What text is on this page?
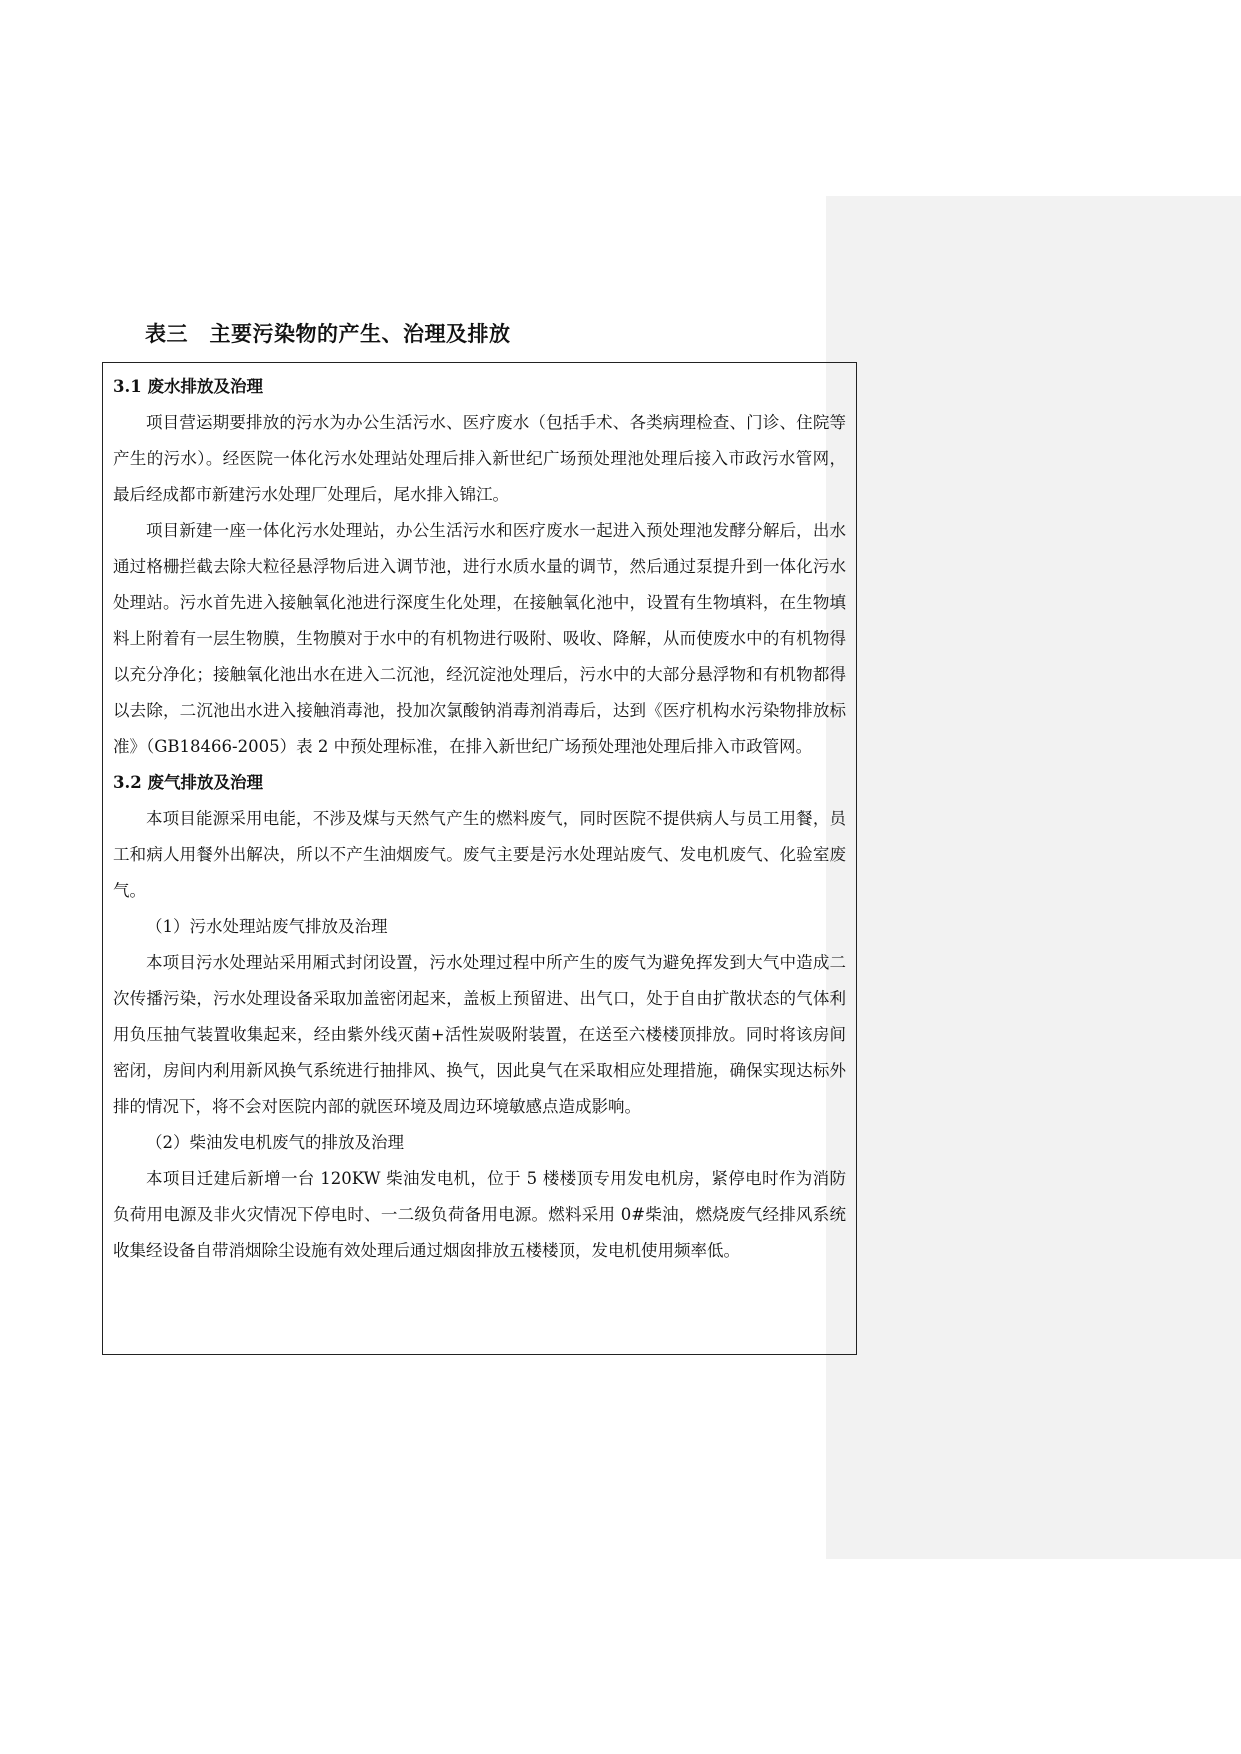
表三　主要污染物的产生、治理及排放
3.1 废水排放及治理

项目营运期要排放的污水为办公生活污水、医疗废水（包括手术、各类病理检查、门诊、住院等产生的污水）。经医院一体化污水处理站处理后排入新世纪广场预处理池处理后接入市政污水管网，最后经成都市新建污水处理厂处理后，尾水排入锦江。

项目新建一座一体化污水处理站，办公生活污水和医疗废水一起进入预处理池发酵分解后，出水通过格栅拦截去除大粒径悬浮物后进入调节池，进行水质水量的调节，然后通过泵提升到一体化污水处理站。污水首先进入接触氧化池进行深度生化处理，在接触氧化池中，设置有生物填料，在生物填料上附着有一层生物膜，生物膜对于水中的有机物进行吸附、吸收、降解，从而使废水中的有机物得以充分净化；接触氧化池出水在进入二沉池，经沉淀池处理后，污水中的大部分悬浮物和有机物都得以去除，二沉池出水进入接触消毒池，投加次氯酸钠消毒剂消毒后，达到《医疗机构水污染物排放标准》（GB18466-2005）表 2 中预处理标准，在排入新世纪广场预处理池处理后排入市政管网。

3.2 废气排放及治理

本项目能源采用电能，不涉及煤与天然气产生的燃料废气，同时医院不提供病人与员工用餐，员工和病人用餐外出解决，所以不产生油烟废气。废气主要是污水处理站废气、发电机废气、化验室废气。

（1）污水处理站废气排放及治理

本项目污水处理站采用厢式封闭设置，污水处理过程中所产生的废气为避免挥发到大气中造成二次传播污染，污水处理设备采取加盖密闭起来，盖板上预留进、出气口，处于自由扩散状态的气体利用负压抽气装置收集起来，经由紫外线灭菌+活性炭吸附装置，在送至六楼楼顶排放。同时将该房间密闭，房间内利用新风换气系统进行抽排风、换气，因此臭气在采取相应处理措施，确保实现达标外排的情况下，将不会对医院内部的就医环境及周边环境敏感点造成影响。

（2）柴油发电机废气的排放及治理

本项目迁建后新增一台 120KW 柴油发电机，位于 5 楼楼顶专用发电机房，紧停电时作为消防负荷用电源及非火灾情况下停电时、一二级负荷备用电源。燃料采用 0#柴油，燃烧废气经排风系统收集经设备自带消烟除尘设施有效处理后通过烟囱排放五楼楼顶，发电机使用频率低。
